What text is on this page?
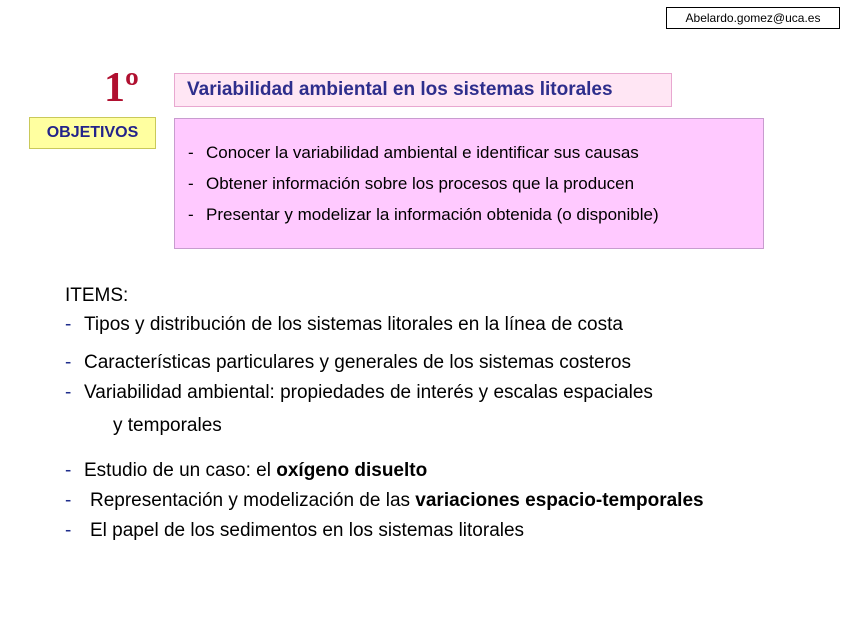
Abelardo.gomez@uca.es
1º	Variabilidad ambiental en los sistemas litorales
OBJETIVOS
- Conocer la variabilidad ambiental e identificar sus causas
- Obtener información sobre los procesos que la producen
- Presentar y modelizar la información obtenida (o disponible)
ITEMS:
- Tipos y distribución de los sistemas litorales en la línea de costa
- Características particulares y generales de los sistemas costeros
- Variabilidad ambiental: propiedades de interés y escalas espaciales
y temporales
- Estudio de un caso: el oxígeno disuelto
- Representación y modelización de las variaciones espacio-temporales
- El papel de los sedimentos en los sistemas litorales
